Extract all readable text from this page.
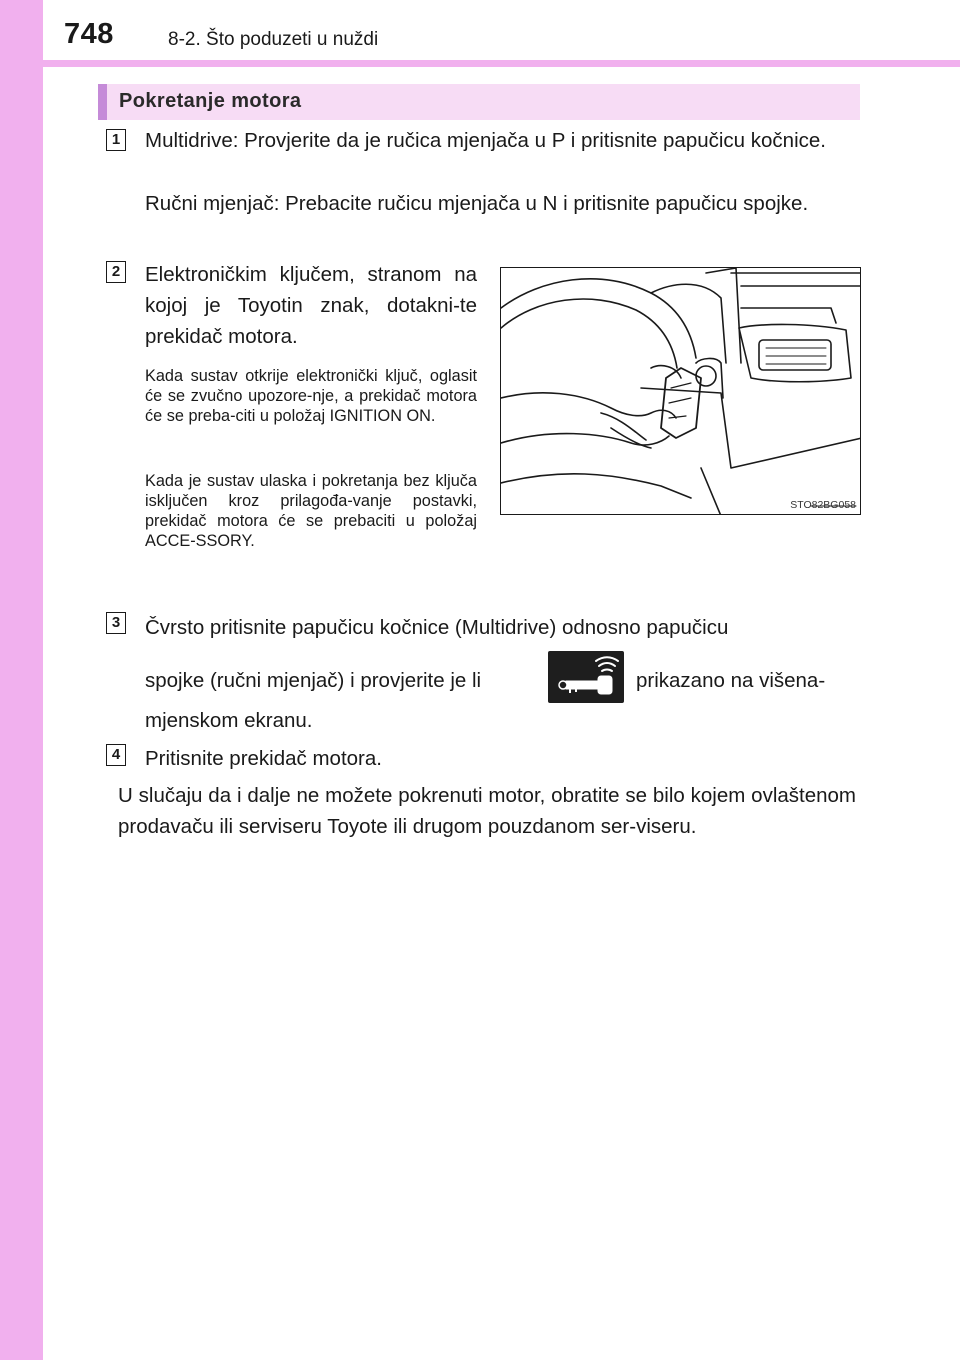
748	8-2. Što poduzeti u nuždi
Pokretanje motora
1 Multidrive: Provjerite da je ručica mjenjača u P i pritisnite papučicu kočnice.
Ručni mjenjač: Prebacite ručicu mjenjača u N i pritisnite papučicu spojke.
2 Elektroničkim ključem, stranom na kojoj je Toyotin znak, dotakni-te prekidač motora.
Kada sustav otkrije elektronički ključ, oglasit će se zvučno upozore-nje, a prekidač motora će se preba-citi u položaj IGNITION ON.
Kada je sustav ulaska i pokretanja bez ključa isključen kroz prilagođa-vanje postavki, prekidač motora će se prebaciti u položaj ACCE-SSORY.
STO82BG058
3 Čvrsto pritisnite papučicu kočnice (Multidrive) odnosno papučicu
spojke (ručni mjenjač) i provjerite je li	prikazano na višena-
mjenskom ekranu.
4 Pritisnite prekidač motora.
U slučaju da i dalje ne možete pokrenuti motor, obratite se bilo kojem ovlaštenom prodavaču ili serviseru Toyote ili drugom pouzdanom ser-viseru.
